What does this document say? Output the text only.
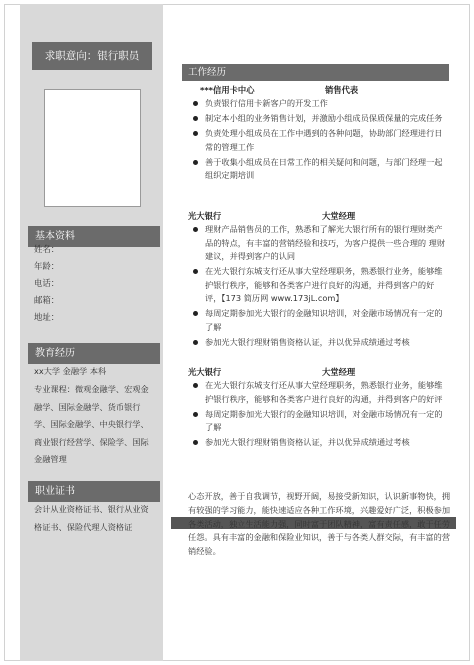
求职意向：银行职员
基本资料
姓名：
年龄：
电话：
邮箱：
地址：
教育经历
xx大学 金融学 本科
专业课程：微观金融学、宏观金融学、国际金融学、货币银行学、国际金融学、中央银行学、商业银行经营学、保险学、国际金融管理
职业证书
会计从业资格证书、银行从业资格证书、保险代理人资格证
工作经历
***信用卡中心	销售代表
负责银行信用卡新客户的开发工作
制定本小组的业务销售计划，并激励小组成员保质保量的完成任务
负责处理小组成员在工作中遇到的各种问题，协助部门经理进行日常的管理工作
善于收集小组成员在日常工作的相关疑问和问题，与部门经理一起组织定期培训
光大银行	大堂经理
理财产品销售员的工作，熟悉和了解光大银行所有的银行理财类产品的特点，有丰富的营销经验和技巧，为客户提供一些合理的 理财建议，并得到客户的认同
在光大银行东城支行还从事大堂经理职务，熟悉银行业务，能够维护银行秩序，能够和各类客户进行良好的沟通，并得到客户的好评，【173 简历网 www.173jL.com】
每周定期参加光大银行的金融知识培训，对金融市场情况有一定的了解
参加光大银行理财销售资格认证，并以优异成绩通过考核
光大银行	大堂经理
在光大银行东城支行还从事大堂经理职务，熟悉银行业务，能够维护银行秩序，能够和各类客户进行良好的沟通，并得到客户的好评
每周定期参加光大银行的金融知识培训，对金融市场情况有一定的了解
参加光大银行理财销售资格认证，并以优异成绩通过考核
心态开放，善于自我调节，视野开阔，易接受新知识，认识新事物快，拥有较强的学习能力，能快速适应各种工作环境，兴趣爱好广泛，积极参加各类活动，独立生活能力强，同时富于团队精神，富有责任感，敢于任劳任怨。具有丰富的金融和保险业知识，善于与各类人群交际，有丰富的营销经验。
